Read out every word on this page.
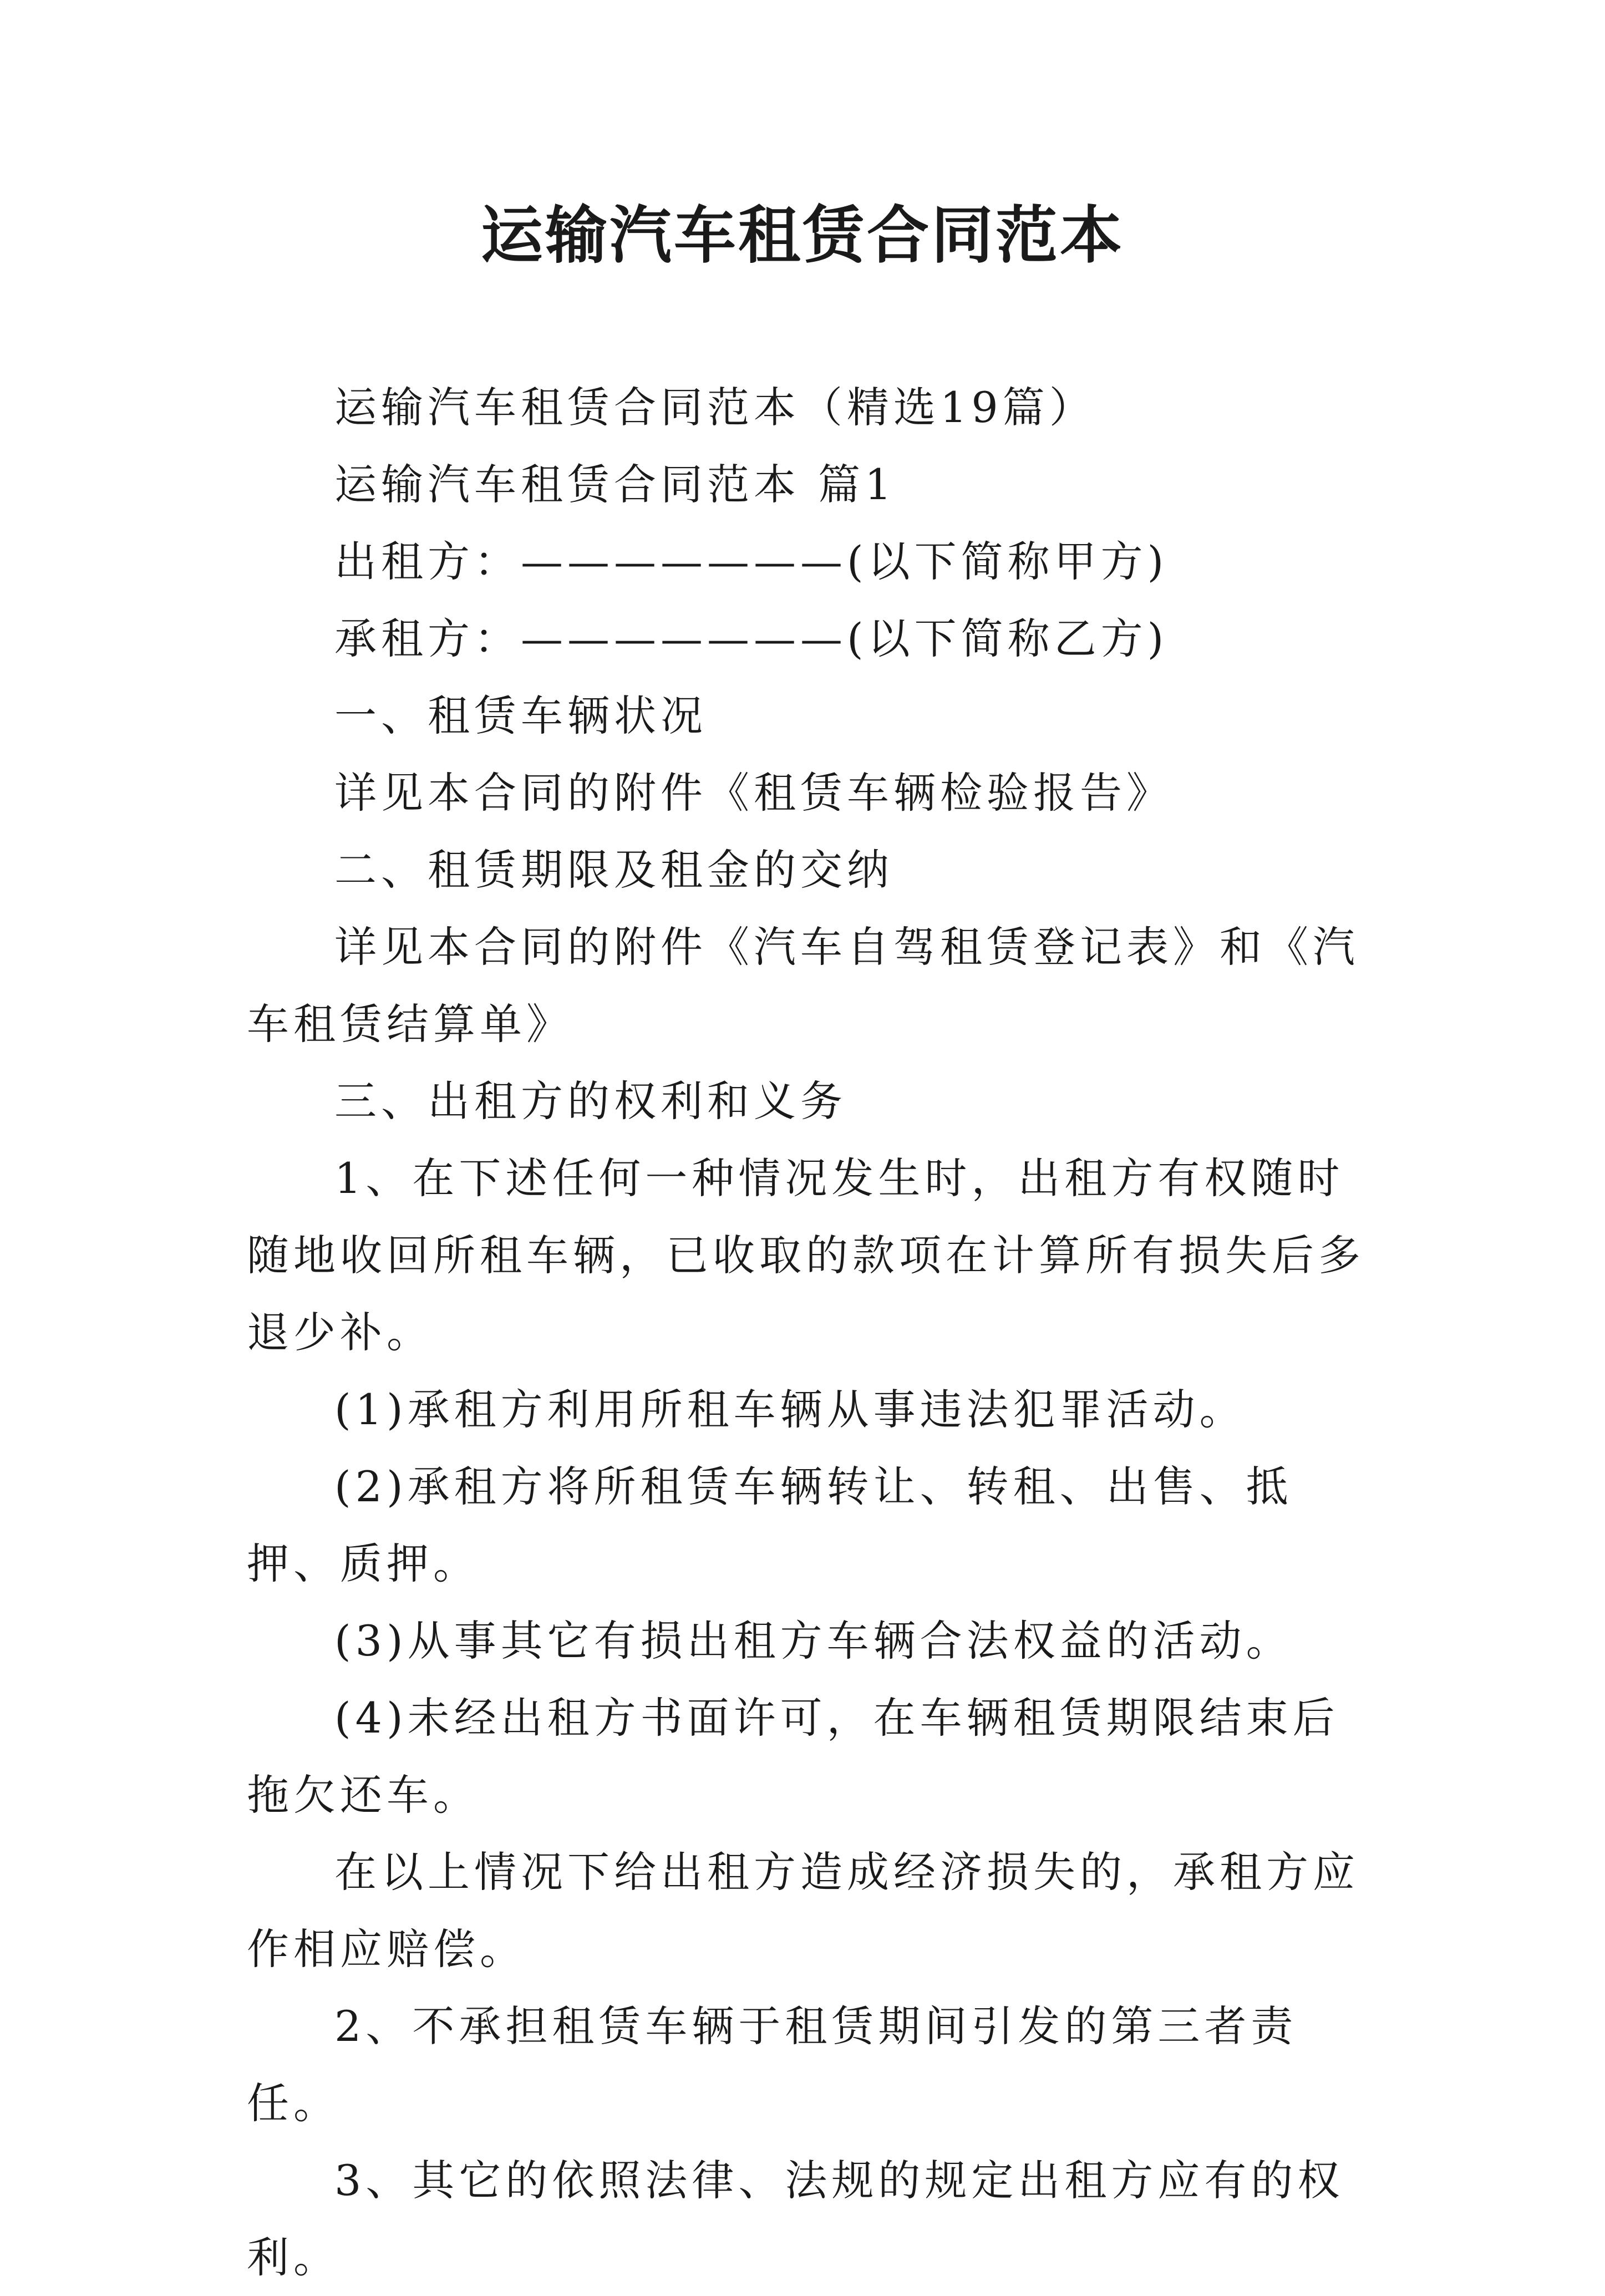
运输汽车租赁合同范本

运输汽车租赁合同范本（精选19篇）

运输汽车租赁合同范本 篇1

出租方：———————(以下简称甲方)

承租方：———————(以下简称乙方)

一、租赁车辆状况

详见本合同的附件《租赁车辆检验报告》

二、租赁期限及租金的交纳

详见本合同的附件《汽车自驾租赁登记表》和《汽车租赁结算单》

三、出租方的权利和义务

1、在下述任何一种情况发生时，出租方有权随时随地收回所租车辆，已收取的款项在计算所有损失后多退少补。

(1)承租方利用所租车辆从事违法犯罪活动。

(2)承租方将所租赁车辆转让、转租、出售、抵押、质押。

(3)从事其它有损出租方车辆合法权益的活动。

(4)未经出租方书面许可，在车辆租赁期限结束后拖欠还车。

在以上情况下给出租方造成经济损失的，承租方应作相应赔偿。

2、不承担租赁车辆于租赁期间引发的第三者责任。

3、其它的依照法律、法规的规定出租方应有的权利。
